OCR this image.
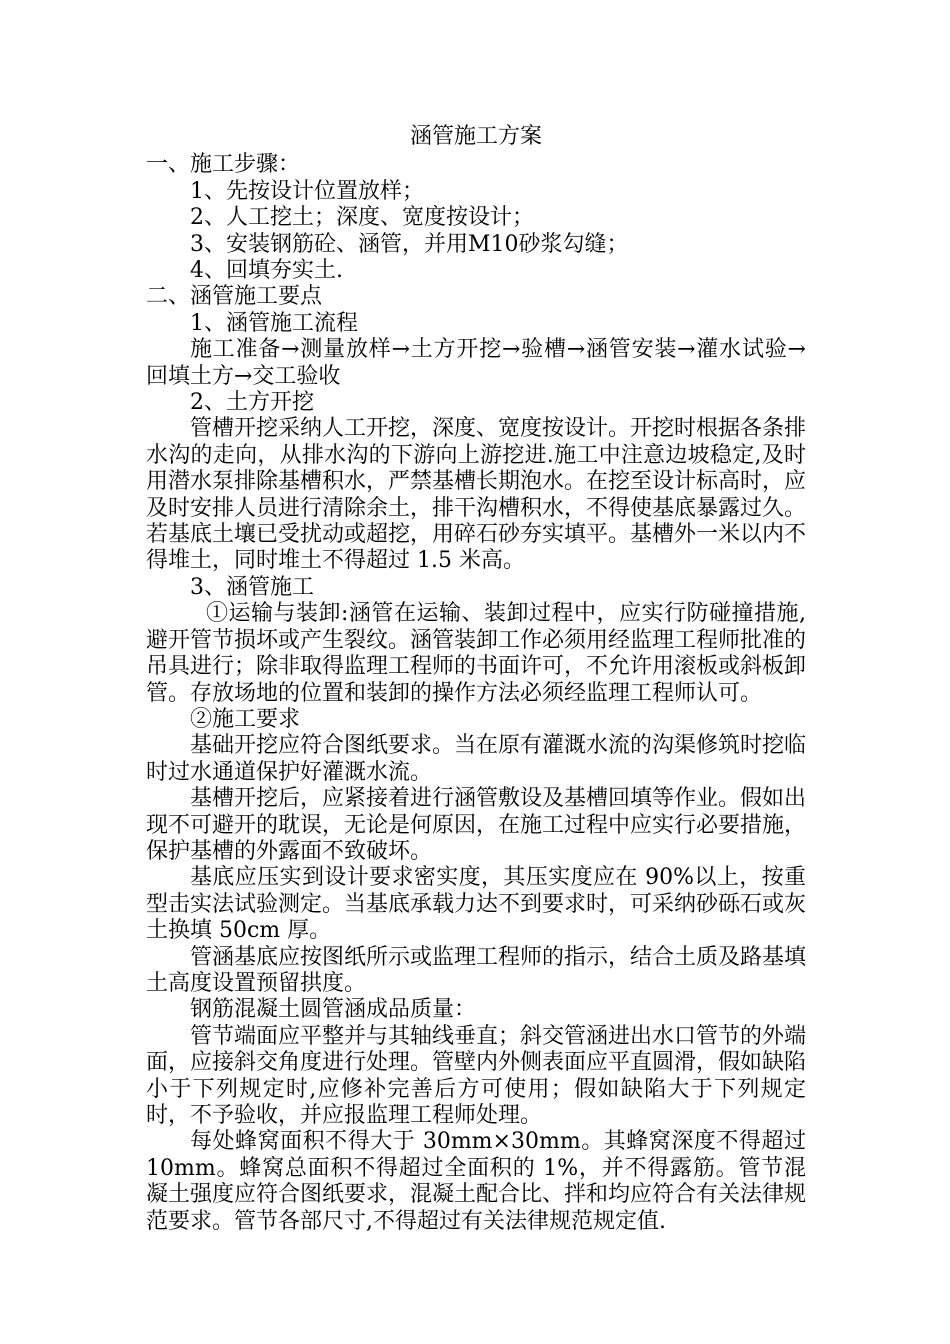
涵管施工方案
一、施工步骤：
1、先按设计位置放样；
2、人工挖土；深度、宽度按设计；
3、安装钢筋砼、涵管，并用M10砂浆勾缝；
4、回填夯实土.
二、涵管施工要点
1、涵管施工流程
施工准备→测量放样→土方开挖→验槽→涵管安装→灌水试验→回填土方→交工验收
2、土方开挖
管槽开挖采纳人工开挖，深度、宽度按设计。开挖时根据各条排水沟的走向，从排水沟的下游向上游挖进.施工中注意边坡稳定,及时用潜水泵排除基槽积水，严禁基槽长期泡水。在挖至设计标高时，应及时安排人员进行清除余土，排干沟槽积水，不得使基底暴露过久。若基底土壤已受扰动或超挖，用碎石砂夯实填平。基槽外一米以内不得堆土，同时堆土不得超过 1.5 米高。
3、涵管施工
①运输与装卸:涵管在运输、装卸过程中，应实行防碰撞措施,避开管节损坏或产生裂纹。涵管装卸工作必须用经监理工程师批准的吊具进行；除非取得监理工程师的书面许可，不允许用滚板或斜板卸管。存放场地的位置和装卸的操作方法必须经监理工程师认可。
②施工要求
基础开挖应符合图纸要求。当在原有灌溉水流的沟渠修筑时挖临时过水通道保护好灌溉水流。
基槽开挖后，应紧接着进行涵管敷设及基槽回填等作业。假如出现不可避开的耽误，无论是何原因，在施工过程中应实行必要措施，保护基槽的外露面不致破坏。
基底应压实到设计要求密实度，其压实度应在 90%以上，按重型击实法试验测定。当基底承载力达不到要求时，可采纳砂砾石或灰土换填 50cm 厚。
管涵基底应按图纸所示或监理工程师的指示，结合土质及路基填土高度设置预留拱度。
钢筋混凝土圆管涵成品质量：
管节端面应平整并与其轴线垂直；斜交管涵进出水口管节的外端面，应接斜交角度进行处理。管壁内外侧表面应平直圆滑，假如缺陷小于下列规定时,应修补完善后方可使用；假如缺陷大于下列规定时，不予验收，并应报监理工程师处理。
每处蜂窝面积不得大于 30mm×30mm。其蜂窝深度不得超过10mm。蜂窝总面积不得超过全面积的 1%，并不得露筋。管节混凝土强度应符合图纸要求，混凝土配合比、拌和均应符合有关法律规范要求。管节各部尺寸,不得超过有关法律规范规定值.
